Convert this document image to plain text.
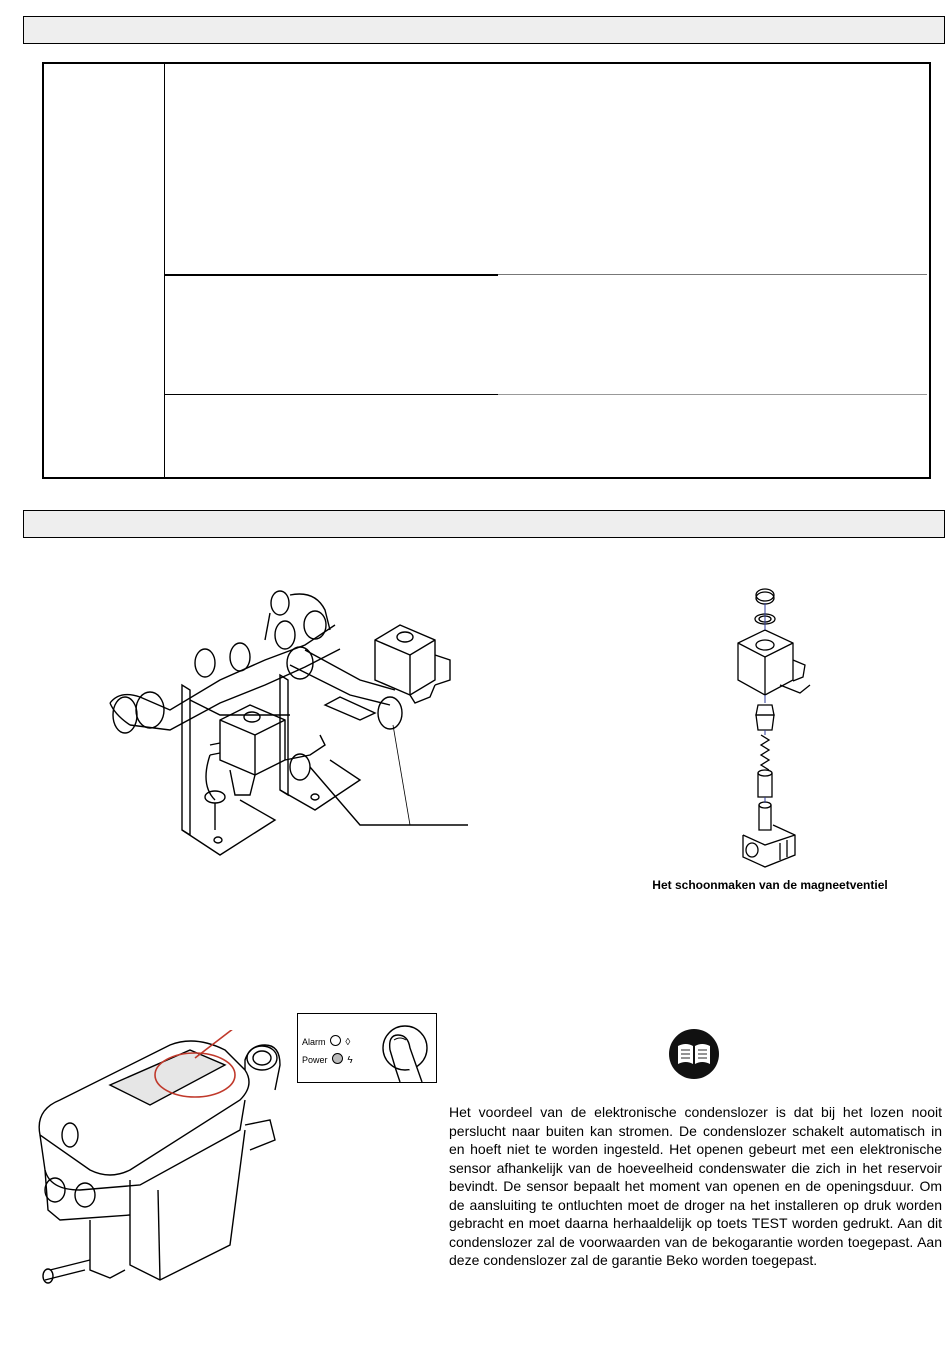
Het schoonmaken van de magneetventiel
Alarm ◊
Power ϟ
Het voordeel van de elektronische condenslozer is dat bij het lozen nooit perslucht naar buiten kan stromen. De condenslozer schakelt automatisch in en hoeft niet te worden ingesteld. Het openen gebeurt met een elektronische sensor afhankelijk van de hoeveelheid condenswater die zich in het reservoir bevindt. De sensor bepaalt het moment van openen en de openingsduur. Om de aansluiting te ontluchten moet de droger na het installeren op druk worden gebracht en moet daarna herhaaldelijk op toets TEST worden gedrukt. Aan dit condenslozer zal de voorwaarden van de bekogarantie worden toegepast. Aan deze condenslozer zal de garantie Beko worden toegepast.
